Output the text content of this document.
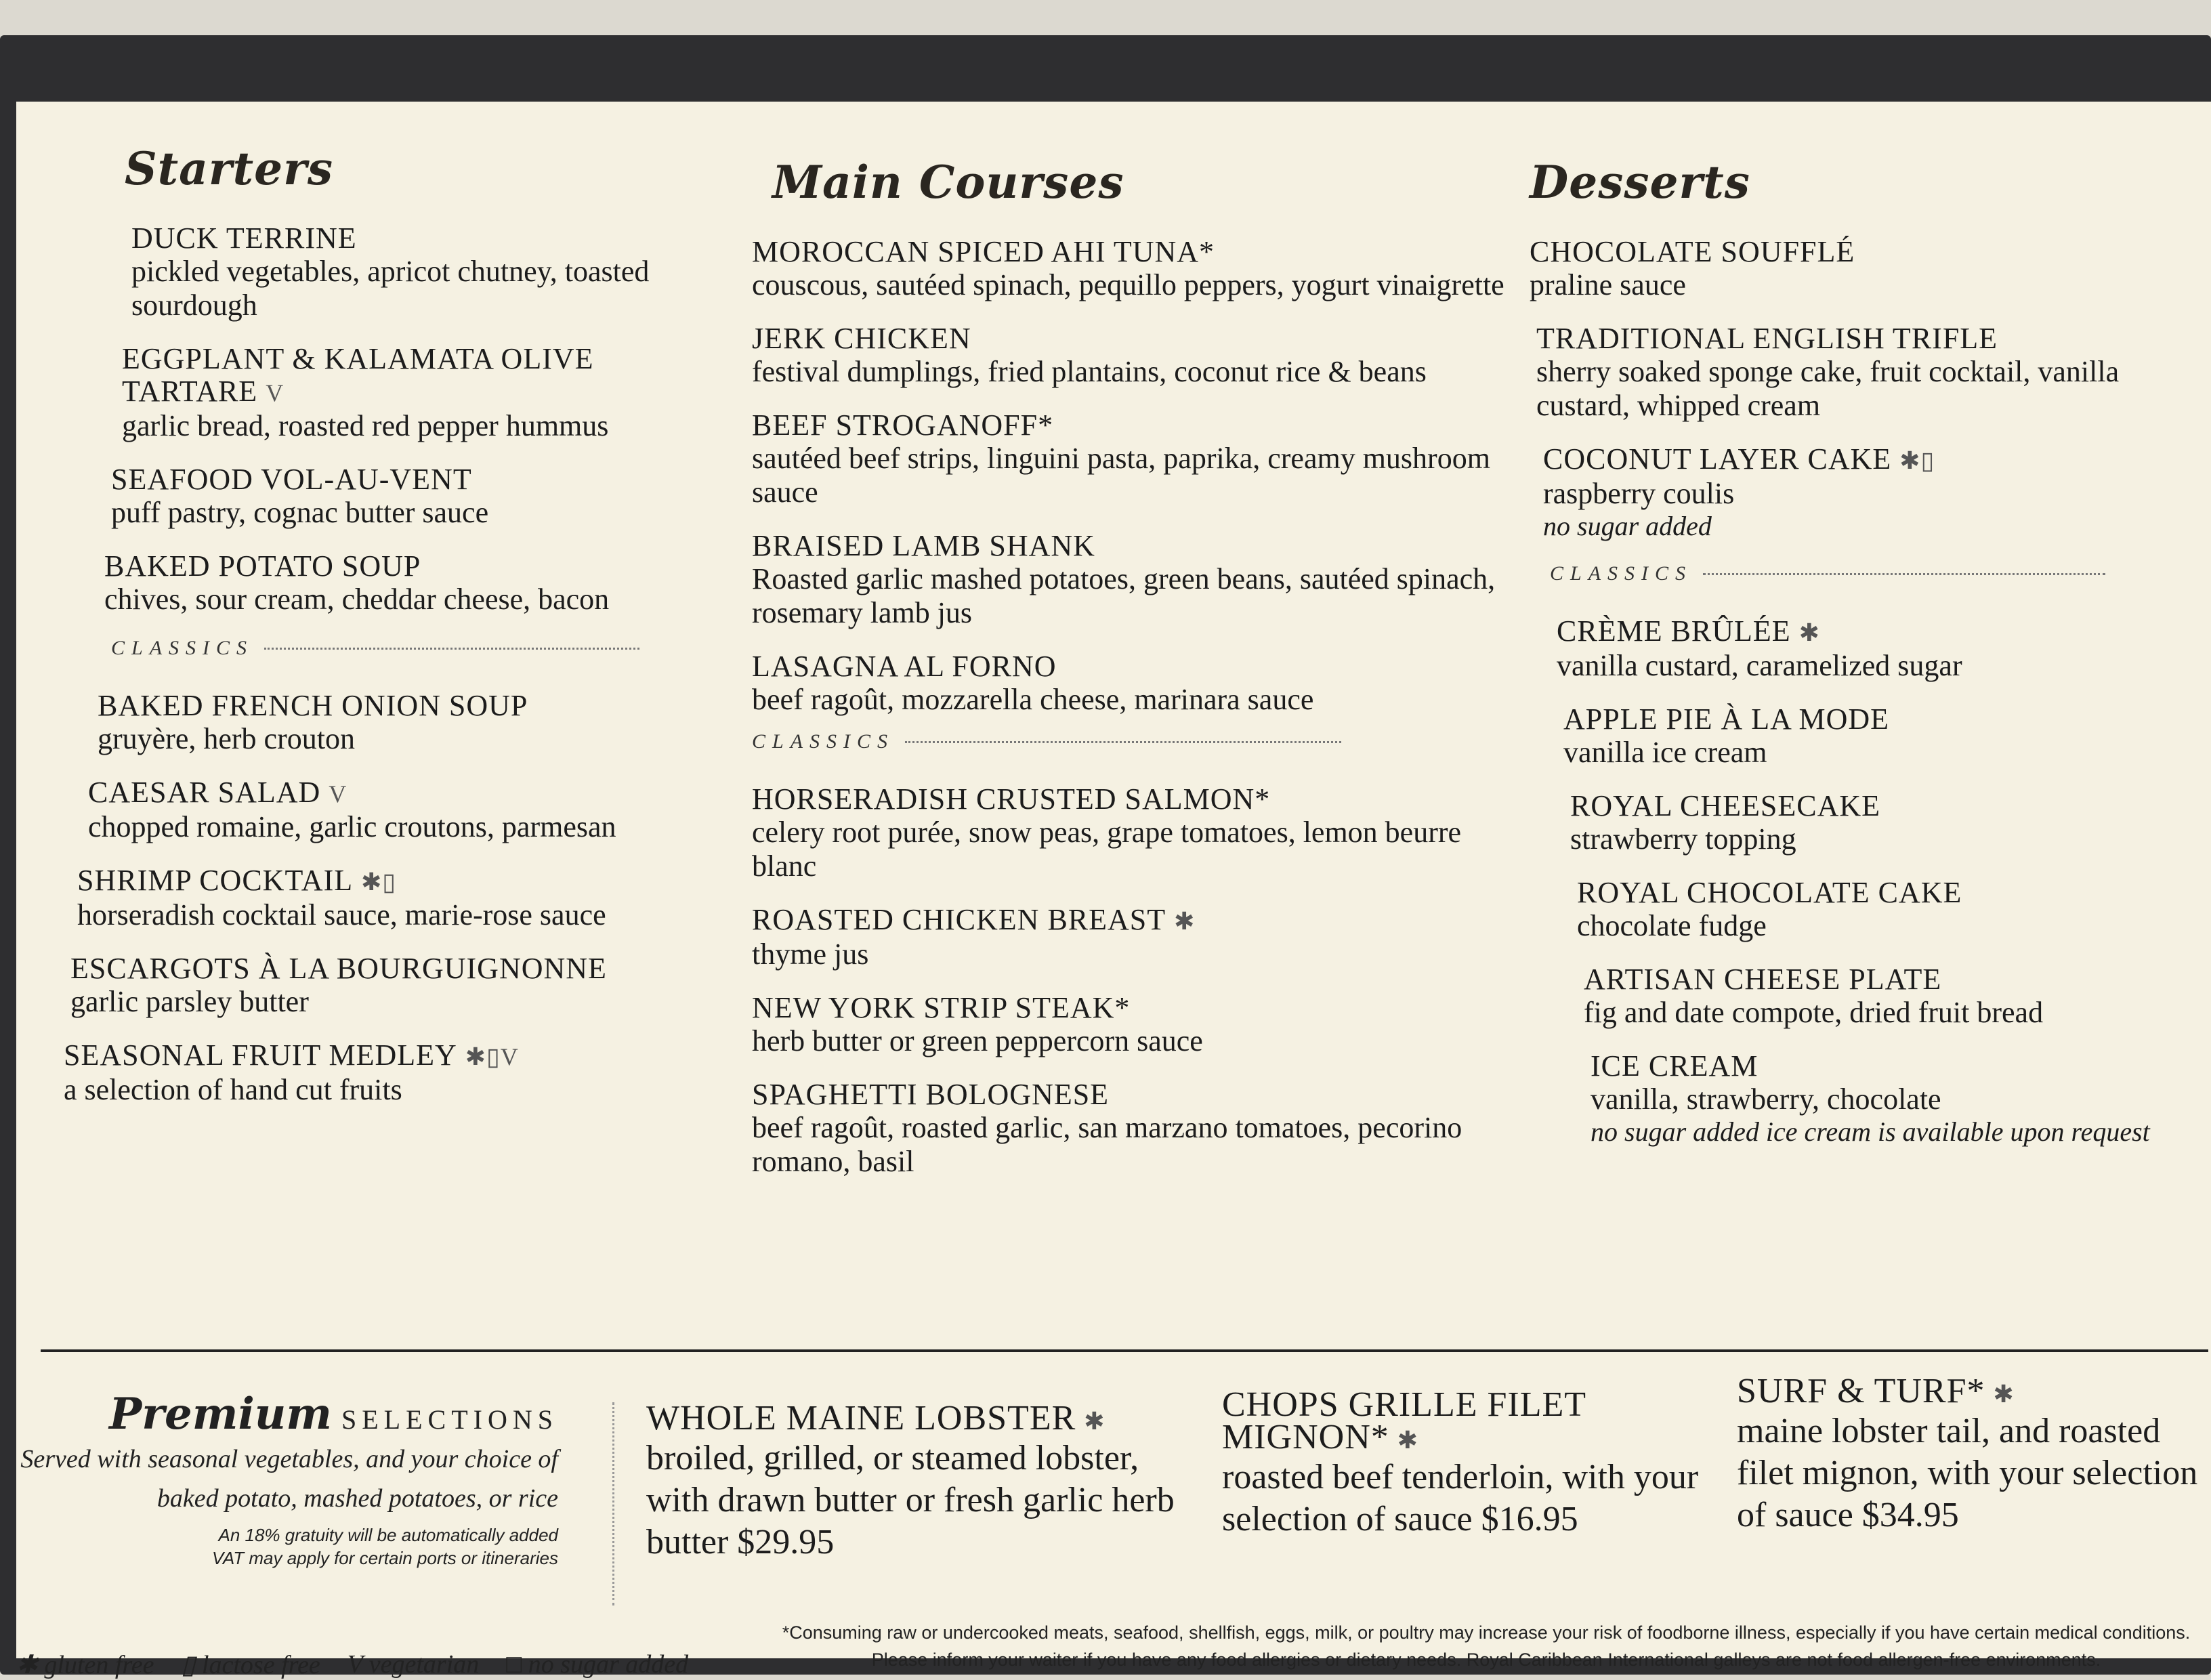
Starters
DUCK TERRINE
pickled vegetables, apricot chutney, toasted sourdough
EGGPLANT & KALAMATA OLIVE TARTARE V
garlic bread, roasted red pepper hummus
SEAFOOD VOL-AU-VENT
puff pastry, cognac butter sauce
BAKED POTATO SOUP
chives, sour cream, cheddar cheese, bacon
CLASSICS
BAKED FRENCH ONION SOUP
gruyère, herb crouton
CAESAR SALAD V
chopped romaine, garlic croutons, parmesan
SHRIMP COCKTAIL ✱▯
horseradish cocktail sauce, marie-rose sauce
ESCARGOTS À LA BOURGUIGNONNE
garlic parsley butter
SEASONAL FRUIT MEDLEY ✱▯V
a selection of hand cut fruits
Main Courses
MOROCCAN SPICED AHI TUNA*
couscous, sautéed spinach, pequillo peppers, yogurt vinaigrette
JERK CHICKEN
festival dumplings, fried plantains, coconut rice & beans
BEEF STROGANOFF*
sautéed beef strips, linguini pasta, paprika, creamy mushroom sauce
BRAISED LAMB SHANK
Roasted garlic mashed potatoes, green beans, sautéed spinach, rosemary lamb jus
LASAGNA AL FORNO
beef ragoût, mozzarella cheese, marinara sauce
CLASSICS
HORSERADISH CRUSTED SALMON*
celery root purée, snow peas, grape tomatoes, lemon beurre blanc
ROASTED CHICKEN BREAST ✱
thyme jus
NEW YORK STRIP STEAK*
herb butter or green peppercorn sauce
SPAGHETTI BOLOGNESE
beef ragoût, roasted garlic, san marzano tomatoes, pecorino romano, basil
Desserts
CHOCOLATE SOUFFLÉ
praline sauce
TRADITIONAL ENGLISH TRIFLE
sherry soaked sponge cake, fruit cocktail, vanilla custard, whipped cream
COCONUT LAYER CAKE ✱▯
raspberry coulis
no sugar added
CLASSICS
CRÈME BRÛLÉE ✱
vanilla custard, caramelized sugar
APPLE PIE À LA MODE
vanilla ice cream
ROYAL CHEESECAKE
strawberry topping
ROYAL CHOCOLATE CAKE
chocolate fudge
ARTISAN CHEESE PLATE
fig and date compote, dried fruit bread
ICE CREAM
vanilla, strawberry, chocolate
no sugar added ice cream is available upon request
Premium SELECTIONS
Served with seasonal vegetables, and your choice of baked potato, mashed potatoes, or rice
An 18% gratuity will be automatically added
VAT may apply for certain ports or itineraries
WHOLE MAINE LOBSTER ✱
broiled, grilled, or steamed lobster, with drawn butter or fresh garlic herb butter $29.95
CHOPS GRILLE FILET MIGNON* ✱
roasted beef tenderloin, with your selection of sauce $16.95
SURF & TURF* ✱
maine lobster tail, and roasted filet mignon, with your selection of sauce $34.95
✱ gluten free ▯ lactose free V vegetarian □ no sugar added
*Consuming raw or undercooked meats, seafood, shellfish, eggs, milk, or poultry may increase your risk of foodborne illness, especially if you have certain medical conditions.
Please inform your waiter if you have any food allergies or dietary needs. Royal Caribbean International galleys are not food allergen-free environments.
